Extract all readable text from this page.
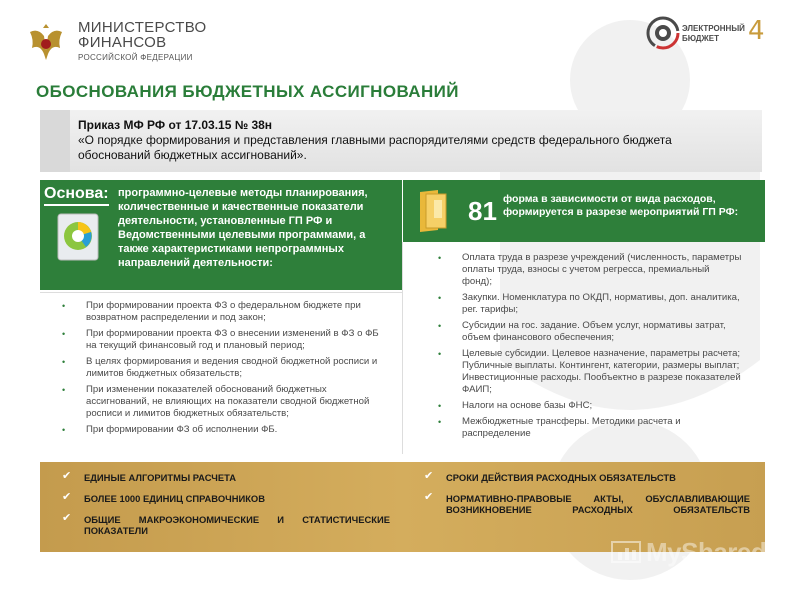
МИНИСТЕРСТВО
ФИНАНСОВ
РОССИЙСКОЙ ФЕДЕРАЦИИ
ЭЛЕКТРОННЫЙ
БЮДЖЕТ	4
ОБОСНОВАНИЯ БЮДЖЕТНЫХ АССИГНОВАНИЙ
Приказ МФ РФ от 17.03.15 № 38н
«О порядке формирования и представления главными распорядителями средств федерального бюджета обоснований бюджетных ассигнований».
Основа: программно-целевые методы планирования, количественные и качественные показатели деятельности, установленные ГП РФ и Ведомственными целевыми программами, а также характеристиками непрограммных направлений деятельности:
81 форма в зависимости от вида расходов, формируется в разрезе мероприятий ГП РФ:
• При формировании проекта ФЗ о федеральном бюджете при возвратном распределении и под закон;
• При формировании проекта ФЗ о внесении изменений в ФЗ о ФБ на текущий финансовый год и плановый период;
• В целях формирования и ведения сводной бюджетной росписи и лимитов бюджетных обязательств;
• При изменении показателей обоснований бюджетных ассигнований, не влияющих на показатели сводной бюджетной росписи и лимитов бюджетных обязательств;
• При формировании ФЗ об исполнении ФБ.
• Оплата труда в разрезе учреждений (численность, параметры оплаты труда, взносы с учетом регресса, премиальный фонд);
• Закупки. Номенклатура по ОКДП, нормативы, доп. аналитика, рег. тарифы;
• Субсидии на гос. задание. Объем услуг, нормативы затрат, объем финансового обеспечения;
• Целевые субсидии. Целевое назначение, параметры расчета; Публичные выплаты. Контингент, категории, размеры выплат; Инвестиционные расходы. Пообъектно в разрезе показателей ФАИП;
• Налоги на основе базы ФНС;
• Межбюджетные трансферы. Методики расчета и распределение
✔ ЕДИНЫЕ АЛГОРИТМЫ РАСЧЕТА
✔ БОЛЕЕ 1000 ЕДИНИЦ СПРАВОЧНИКОВ
✔ ОБЩИЕ МАКРОЭКОНОМИЧЕСКИЕ И СТАТИСТИЧЕСКИЕ ПОКАЗАТЕЛИ
✔ СРОКИ ДЕЙСТВИЯ РАСХОДНЫХ ОБЯЗАТЕЛЬСТВ
✔ НОРМАТИВНО-ПРАВОВЫЕ АКТЫ, ОБУСЛАВЛИВАЮЩИЕ ВОЗНИКНОВЕНИЕ РАСХОДНЫХ ОБЯЗАТЕЛЬСТВ
MyShared
